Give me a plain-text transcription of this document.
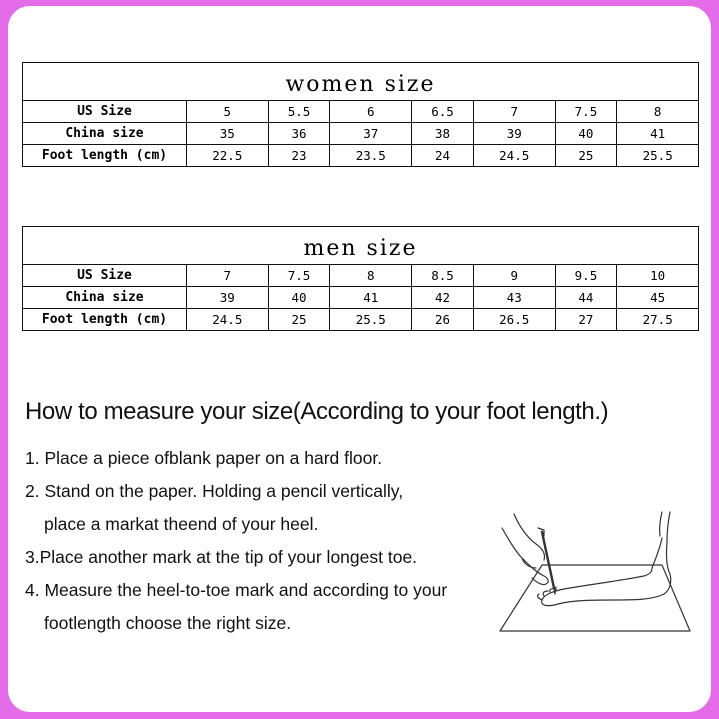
women size							
US Size	5	5.5	6	6.5	7	7.5	8
China size	35	36	37	38	39	40	41
Foot length (cm)	22.5	23	23.5	24	24.5	25	25.5
men size							
US Size	7	7.5	8	8.5	9	9.5	10
China size	39	40	41	42	43	44	45
Foot length (cm)	24.5	25	25.5	26	26.5	27	27.5
How to measure your size(According to your foot length.)

1. Place a piece ofblank paper on a hard floor.

2. Stand on the paper. Holding a pencil vertically,

place a markat theend of your heel.

3.Place another mark at the tip of your longest toe.

4. Measure the heel-to-toe mark and according to your

footlength choose the right size.
